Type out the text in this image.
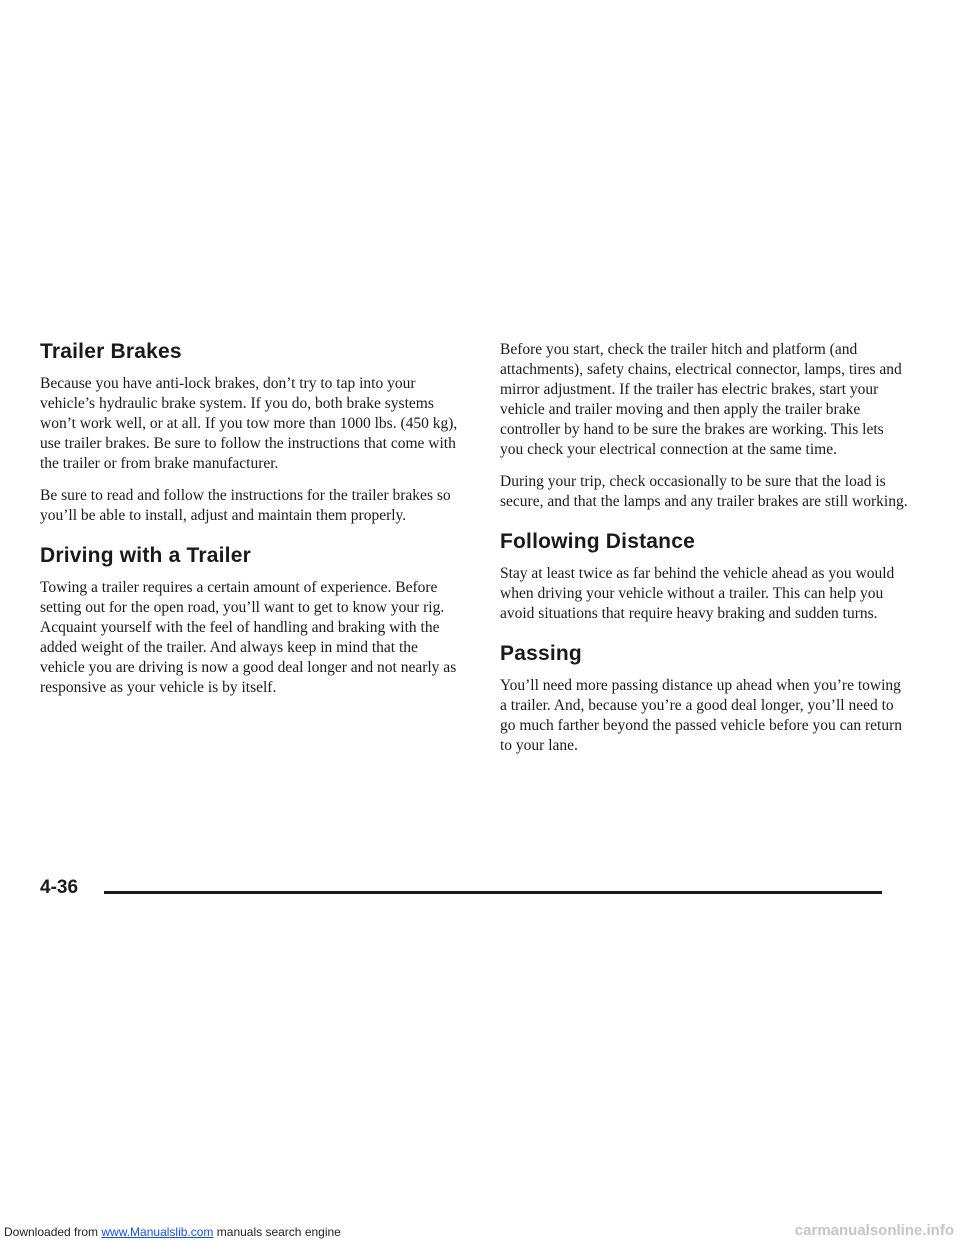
Trailer Brakes

Because you have anti-lock brakes, don’t try to tap into your vehicle’s hydraulic brake system. If you do, both brake systems won’t work well, or at all. If you tow more than 1000 lbs. (450 kg), use trailer brakes. Be sure to follow the instructions that come with the trailer or from brake manufacturer.

Be sure to read and follow the instructions for the trailer brakes so you’ll be able to install, adjust and maintain them properly.

Driving with a Trailer

Towing a trailer requires a certain amount of experience. Before setting out for the open road, you’ll want to get to know your rig. Acquaint yourself with the feel of handling and braking with the added weight of the trailer. And always keep in mind that the vehicle you are driving is now a good deal longer and not nearly as responsive as your vehicle is by itself.

Before you start, check the trailer hitch and platform (and attachments), safety chains, electrical connector, lamps, tires and mirror adjustment. If the trailer has electric brakes, start your vehicle and trailer moving and then apply the trailer brake controller by hand to be sure the brakes are working. This lets you check your electrical connection at the same time.

During your trip, check occasionally to be sure that the load is secure, and that the lamps and any trailer brakes are still working.

Following Distance

Stay at least twice as far behind the vehicle ahead as you would when driving your vehicle without a trailer. This can help you avoid situations that require heavy braking and sudden turns.

Passing

You’ll need more passing distance up ahead when you’re towing a trailer. And, because you’re a good deal longer, you’ll need to go much farther beyond the passed vehicle before you can return to your lane.

4-36
Downloaded from www.Manualslib.com manuals search engine	carmanualsonline.info
